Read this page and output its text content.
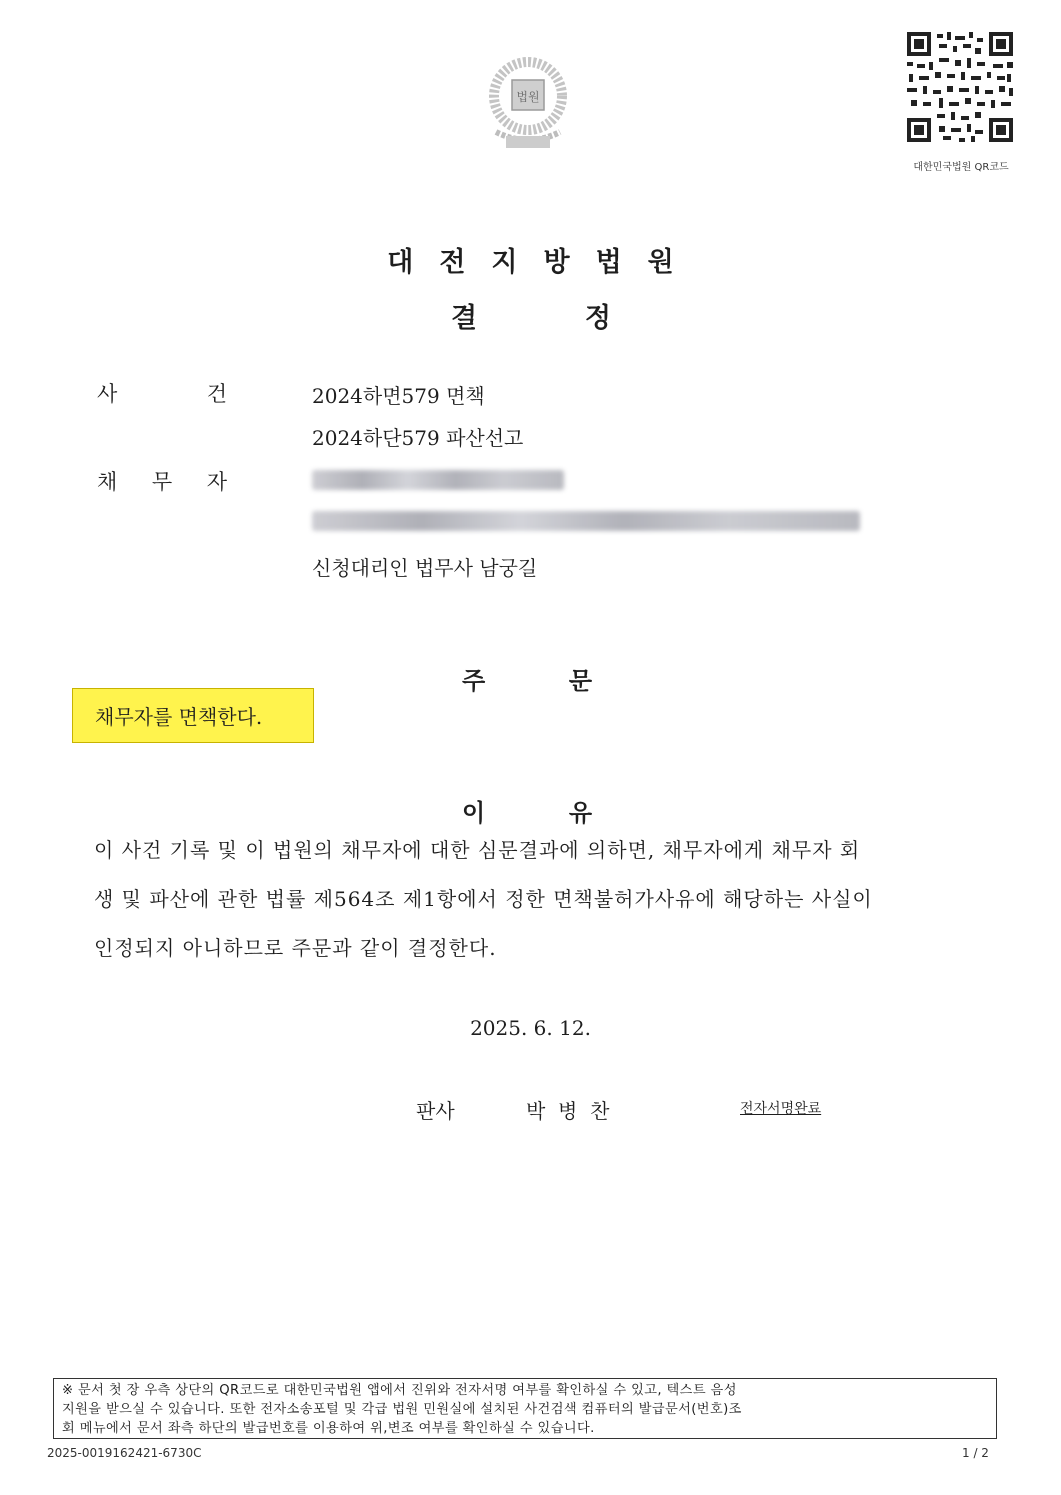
법원
대한민국법원 QR코드
대전지방법원
결	정
사	건	2024하면579 면책
2024하단579 파산선고
채 무 자
신청대리인 법무사 남궁길
주	문
채무자를 면책한다.
이	유
이 사건 기록 및 이 법원의 채무자에 대한 심문결과에 의하면, 채무자에게 채무자 회
생 및 파산에 관한 법률 제564조 제1항에서 정한 면책불허가사유에 해당하는 사실이
인정되지 아니하므로 주문과 같이 결정한다.
2025. 6. 12.
판사	박  병  찬	전자서명완료
※ 문서 첫 장 우측 상단의 QR코드로 대한민국법원 앱에서 진위와 전자서명 여부를 확인하실 수 있고, 텍스트 음성
지원을 받으실 수 있습니다. 또한 전자소송포털 및 각급 법원 민원실에 설치된 사건검색 컴퓨터의 발급문서(번호)조
회 메뉴에서 문서 좌측 하단의 발급번호를 이용하여 위,변조 여부를 확인하실 수 있습니다.
2025-0019162421-6730C	1 / 2
